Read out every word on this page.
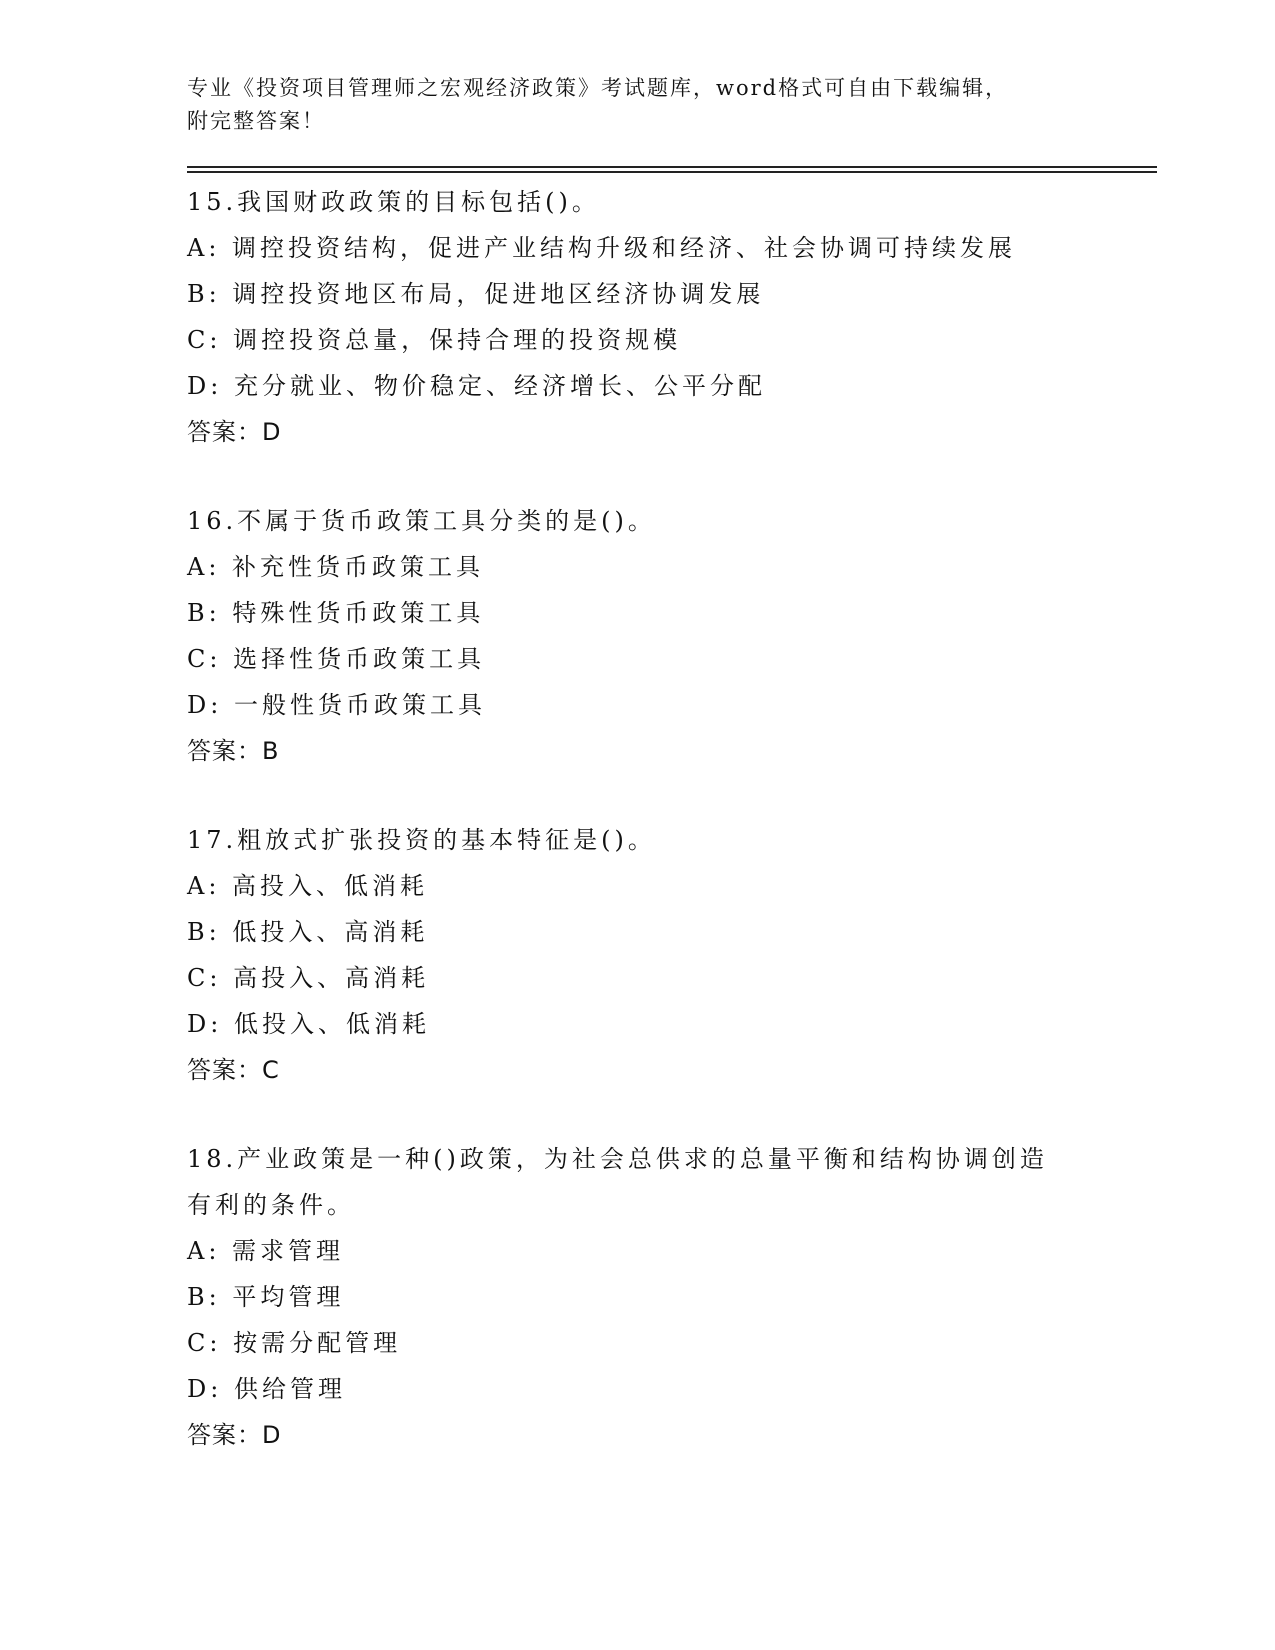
专业《投资项目管理师之宏观经济政策》考试题库，word格式可自由下载编辑，
附完整答案！
15.我国财政政策的目标包括()。
A: 调控投资结构，促进产业结构升级和经济、社会协调可持续发展
B: 调控投资地区布局，促进地区经济协调发展
C: 调控投资总量，保持合理的投资规模
D: 充分就业、物价稳定、经济增长、公平分配
答案：D
16.不属于货币政策工具分类的是()。
A: 补充性货币政策工具
B: 特殊性货币政策工具
C: 选择性货币政策工具
D: 一般性货币政策工具
答案：B
17.粗放式扩张投资的基本特征是()。
A: 高投入、低消耗
B: 低投入、高消耗
C: 高投入、高消耗
D: 低投入、低消耗
答案：C
18.产业政策是一种()政策，为社会总供求的总量平衡和结构协调创造
有利的条件。
A: 需求管理
B: 平均管理
C: 按需分配管理
D: 供给管理
答案：D
